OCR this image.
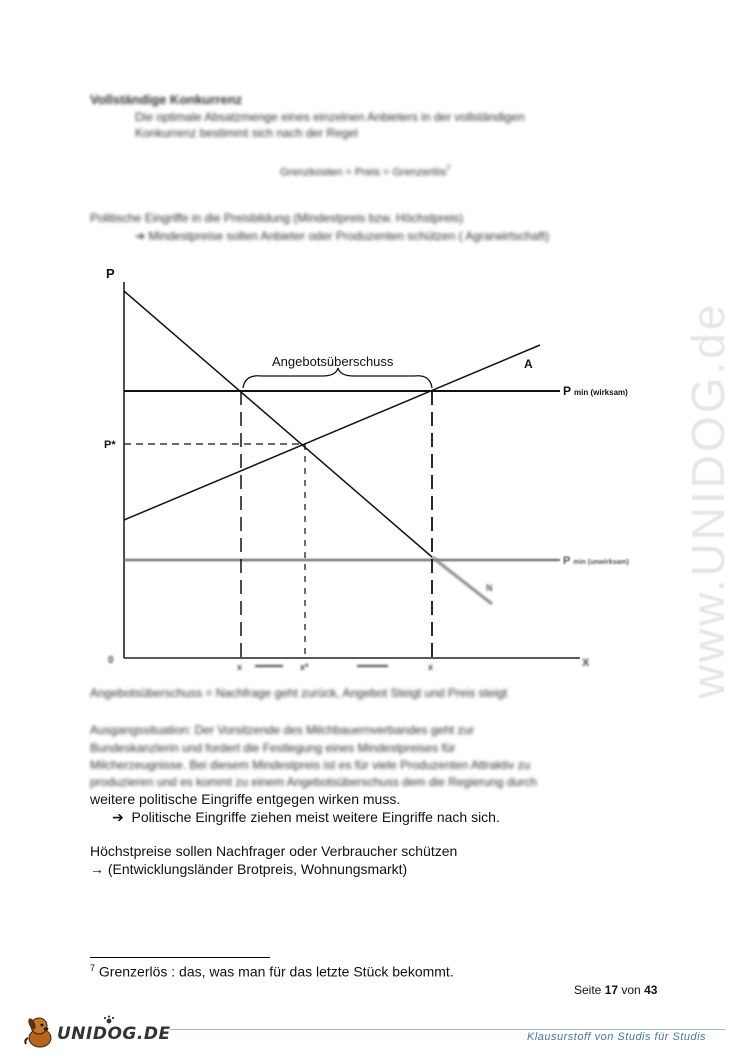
Vollständige Konkurrenz
Die optimale Absatzmenge eines einzelnen Anbieters in der vollständigen
Konkurrenz bestimmt sich nach der Regel
Grenzkosten = Preis = Grenzerlös$^7$
Politische Eingriffe in die Preisbildung (Mindestpreis bzw. Höchstpreis)
➔ Mindestpreise sollen Anbieter oder Produzenten schützen ( Agrarwirtschaft)
P
X
0
Pmin (wirksam)
Pmin (unwirksam)
N
A
P*
Angebotsüberschuss
x	x*	x
Angebotsüberschuss = Nachfrage geht zurück, Angebot Steigt und Preis steigt
Ausgangssituation: Der Vorsitzende des Milchbauernverbandes geht zur
Bundeskanzlerin und fordert die Festlegung eines Mindestpreises für
Milcherzeugnisse. Bei diesem Mindestpreis ist es für viele Produzenten Attraktiv zu
produzieren und es kommt zu einem Angebotsüberschuss dem die Regierung durch
weitere politische Eingriffe entgegen wirken muss.
➔ Politische Eingriffe ziehen meist weitere Eingriffe nach sich.
Höchstpreise sollen Nachfrager oder Verbraucher schützen
→ (Entwicklungsländer Brotpreis, Wohnungsmarkt)
$^7$ Grenzerlös : das, was man für das letzte Stück bekommt.
Seite 17 von 43
www.UNIDOG.de
UNIDOG.DE	Klausurstoff von Studis für Studis
